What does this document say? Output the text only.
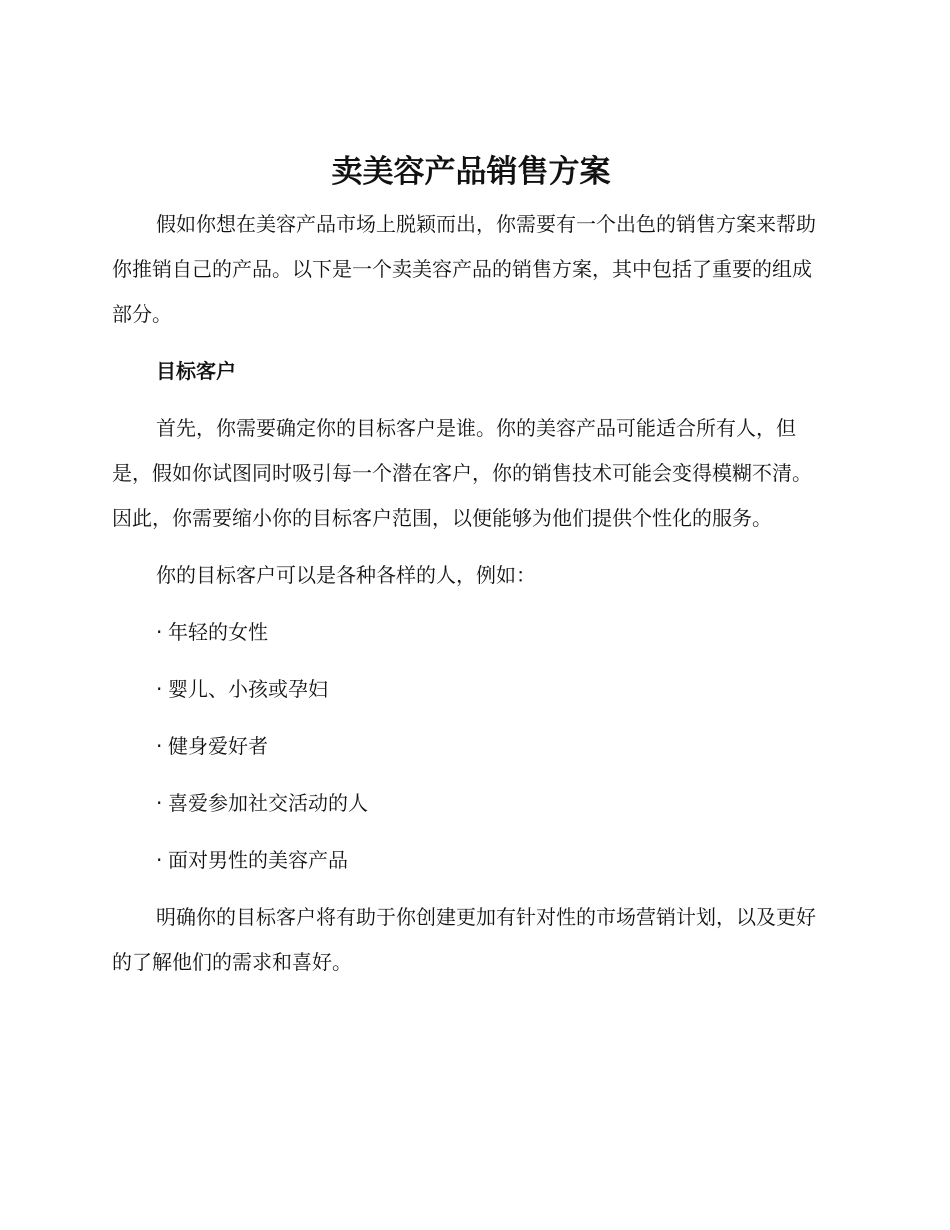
卖美容产品销售方案

假如你想在美容产品市场上脱颖而出，你需要有一个出色的销售方案来帮助你推销自己的产品。以下是一个卖美容产品的销售方案，其中包括了重要的组成部分。

目标客户

首先，你需要确定你的目标客户是谁。你的美容产品可能适合所有人，但是，假如你试图同时吸引每一个潜在客户，你的销售技术可能会变得模糊不清。因此，你需要缩小你的目标客户范围，以便能够为他们提供个性化的服务。

你的目标客户可以是各种各样的人，例如：

· 年轻的女性
· 婴儿、小孩或孕妇
· 健身爱好者
· 喜爱参加社交活动的人
· 面对男性的美容产品

明确你的目标客户将有助于你创建更加有针对性的市场营销计划，以及更好的了解他们的需求和喜好。
